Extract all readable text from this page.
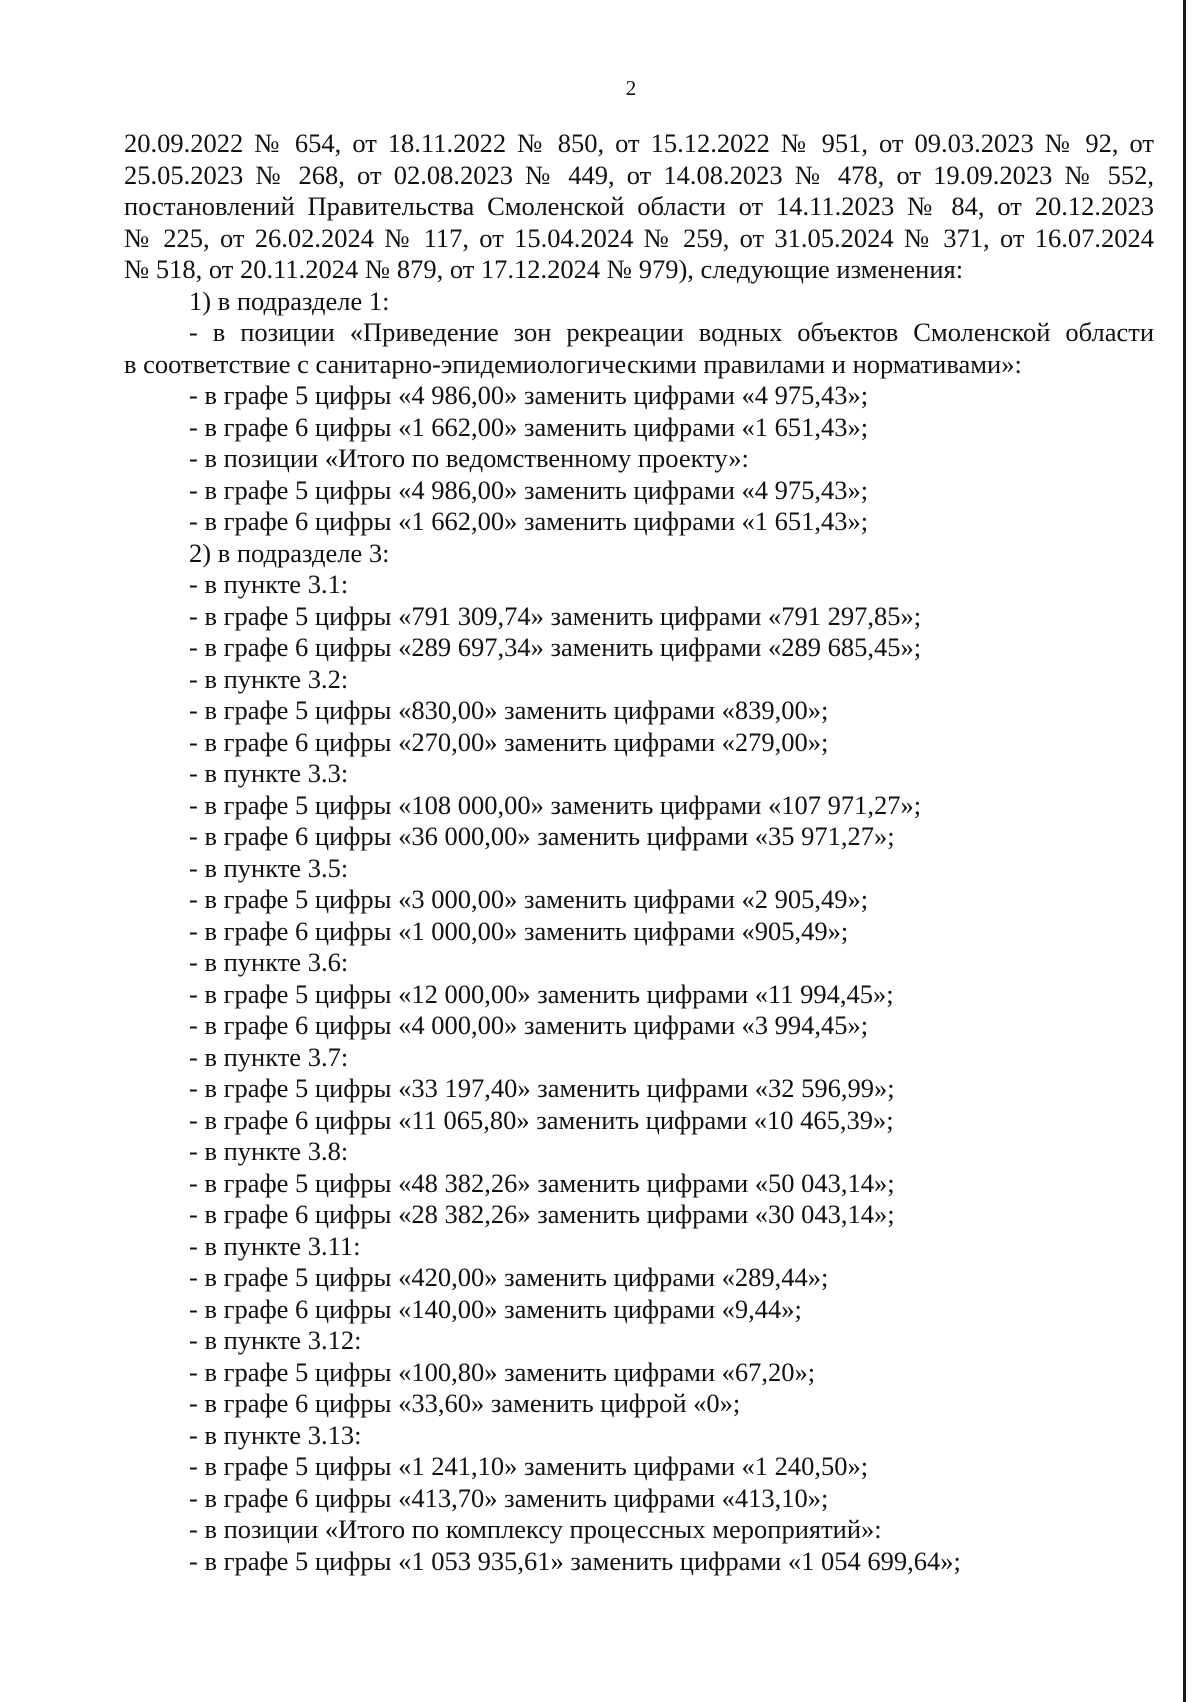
2

20.09.2022 № 654, от 18.11.2022 № 850, от 15.12.2022 № 951, от 09.03.2023 № 92, от

25.05.2023 № 268, от 02.08.2023 № 449, от 14.08.2023 № 478, от 19.09.2023 № 552,

постановлений Правительства Смоленской области от 14.11.2023 № 84, от 20.12.2023

№ 225, от 26.02.2024 № 117, от 15.04.2024 № 259, от 31.05.2024 № 371, от 16.07.2024

№ 518, от 20.11.2024 № 879, от 17.12.2024 № 979), следующие изменения:

1) в подразделе 1:

- в позиции «Приведение зон рекреации водных объектов Смоленской области

в соответствие с санитарно-эпидемиологическими правилами и нормативами»:

- в графе 5 цифры «4 986,00» заменить цифрами «4 975,43»;

- в графе 6 цифры «1 662,00» заменить цифрами «1 651,43»;

- в позиции «Итого по ведомственному проекту»:

- в графе 5 цифры «4 986,00» заменить цифрами «4 975,43»;

- в графе 6 цифры «1 662,00» заменить цифрами «1 651,43»;

2) в подразделе 3:

- в пункте 3.1:

- в графе 5 цифры «791 309,74» заменить цифрами «791 297,85»;

- в графе 6 цифры «289 697,34» заменить цифрами «289 685,45»;

- в пункте 3.2:

- в графе 5 цифры «830,00» заменить цифрами «839,00»;

- в графе 6 цифры «270,00» заменить цифрами «279,00»;

- в пункте 3.3:

- в графе 5 цифры «108 000,00» заменить цифрами «107 971,27»;

- в графе 6 цифры «36 000,00» заменить цифрами «35 971,27»;

- в пункте 3.5:

- в графе 5 цифры «3 000,00» заменить цифрами «2 905,49»;

- в графе 6 цифры «1 000,00» заменить цифрами «905,49»;

- в пункте 3.6:

- в графе 5 цифры «12 000,00» заменить цифрами «11 994,45»;

- в графе 6 цифры «4 000,00» заменить цифрами «3 994,45»;

- в пункте 3.7:

- в графе 5 цифры «33 197,40» заменить цифрами «32 596,99»;

- в графе 6 цифры «11 065,80» заменить цифрами «10 465,39»;

- в пункте 3.8:

- в графе 5 цифры «48 382,26» заменить цифрами «50 043,14»;

- в графе 6 цифры «28 382,26» заменить цифрами «30 043,14»;

- в пункте 3.11:

- в графе 5 цифры «420,00» заменить цифрами «289,44»;

- в графе 6 цифры «140,00» заменить цифрами «9,44»;

- в пункте 3.12:

- в графе 5 цифры «100,80» заменить цифрами «67,20»;

- в графе 6 цифры «33,60» заменить цифрой «0»;

- в пункте 3.13:

- в графе 5 цифры «1 241,10» заменить цифрами «1 240,50»;

- в графе 6 цифры «413,70» заменить цифрами «413,10»;

- в позиции «Итого по комплексу процессных мероприятий»:

- в графе 5 цифры «1 053 935,61» заменить цифрами «1 054 699,64»;
